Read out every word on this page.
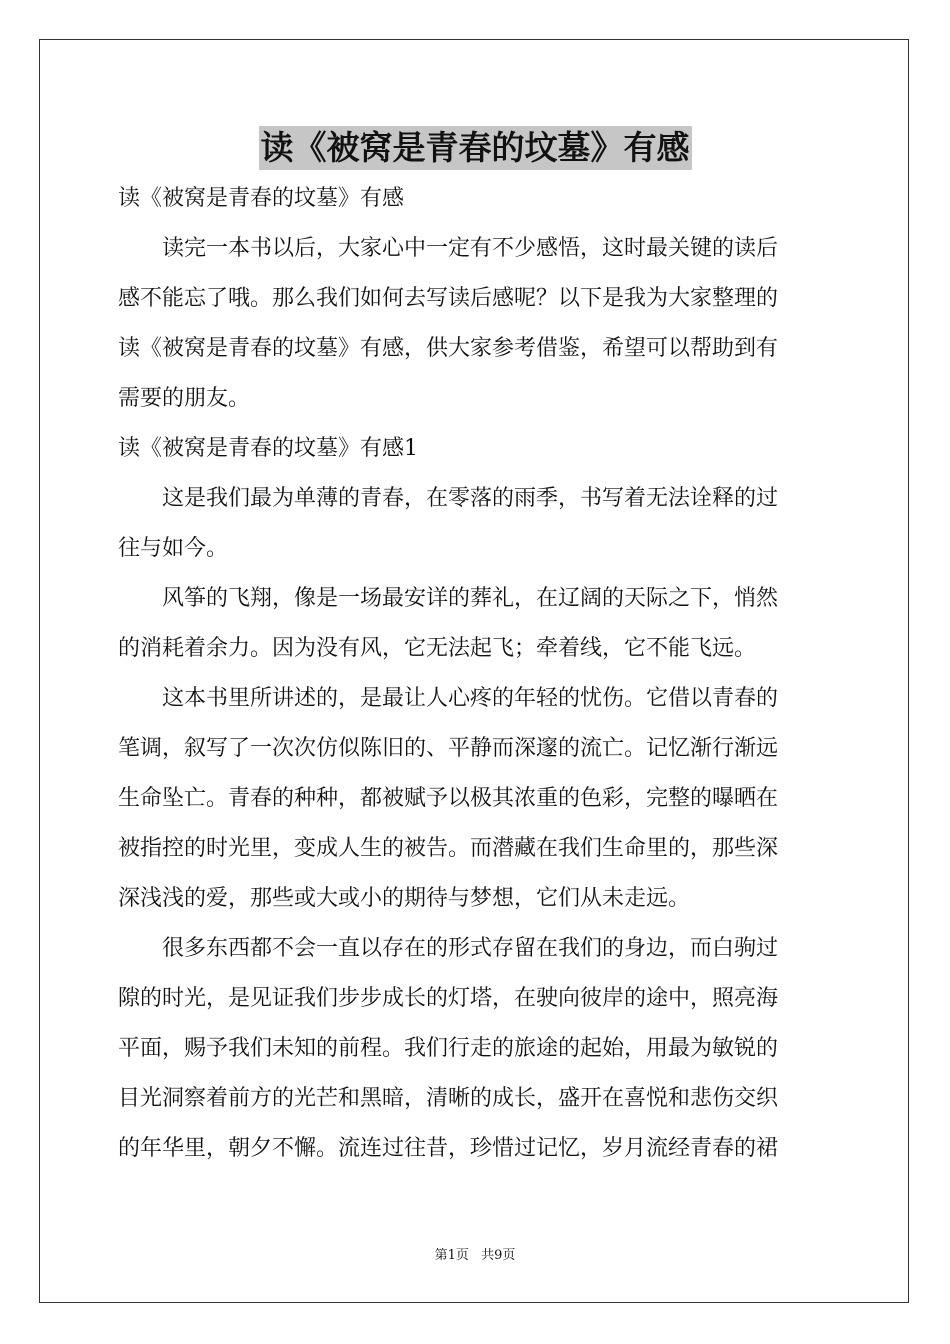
读《被窝是青春的坟墓》有感
读《被窝是青春的坟墓》有感
　　读完一本书以后，大家心中一定有不少感悟，这时最关键的读后
感不能忘了哦。那么我们如何去写读后感呢？以下是我为大家整理的
读《被窝是青春的坟墓》有感，供大家参考借鉴，希望可以帮助到有
需要的朋友。
读《被窝是青春的坟墓》有感1
　　这是我们最为单薄的青春，在零落的雨季，书写着无法诠释的过
往与如今。
　　风筝的飞翔，像是一场最安详的葬礼，在辽阔的天际之下，悄然
的消耗着余力。因为没有风，它无法起飞；牵着线，它不能飞远。
　　这本书里所讲述的，是最让人心疼的年轻的忧伤。它借以青春的
笔调，叙写了一次次仿似陈旧的、平静而深邃的流亡。记忆渐行渐远
生命坠亡。青春的种种，都被赋予以极其浓重的色彩，完整的曝晒在
被指控的时光里，变成人生的被告。而潜藏在我们生命里的，那些深
深浅浅的爱，那些或大或小的期待与梦想，它们从未走远。
　　很多东西都不会一直以存在的形式存留在我们的身边，而白驹过
隙的时光，是见证我们步步成长的灯塔，在驶向彼岸的途中，照亮海
平面，赐予我们未知的前程。我们行走的旅途的起始，用最为敏锐的
目光洞察着前方的光芒和黑暗，清晰的成长，盛开在喜悦和悲伤交织
的年华里，朝夕不懈。流连过往昔，珍惜过记忆，岁月流经青春的裙
第1页 共9页
